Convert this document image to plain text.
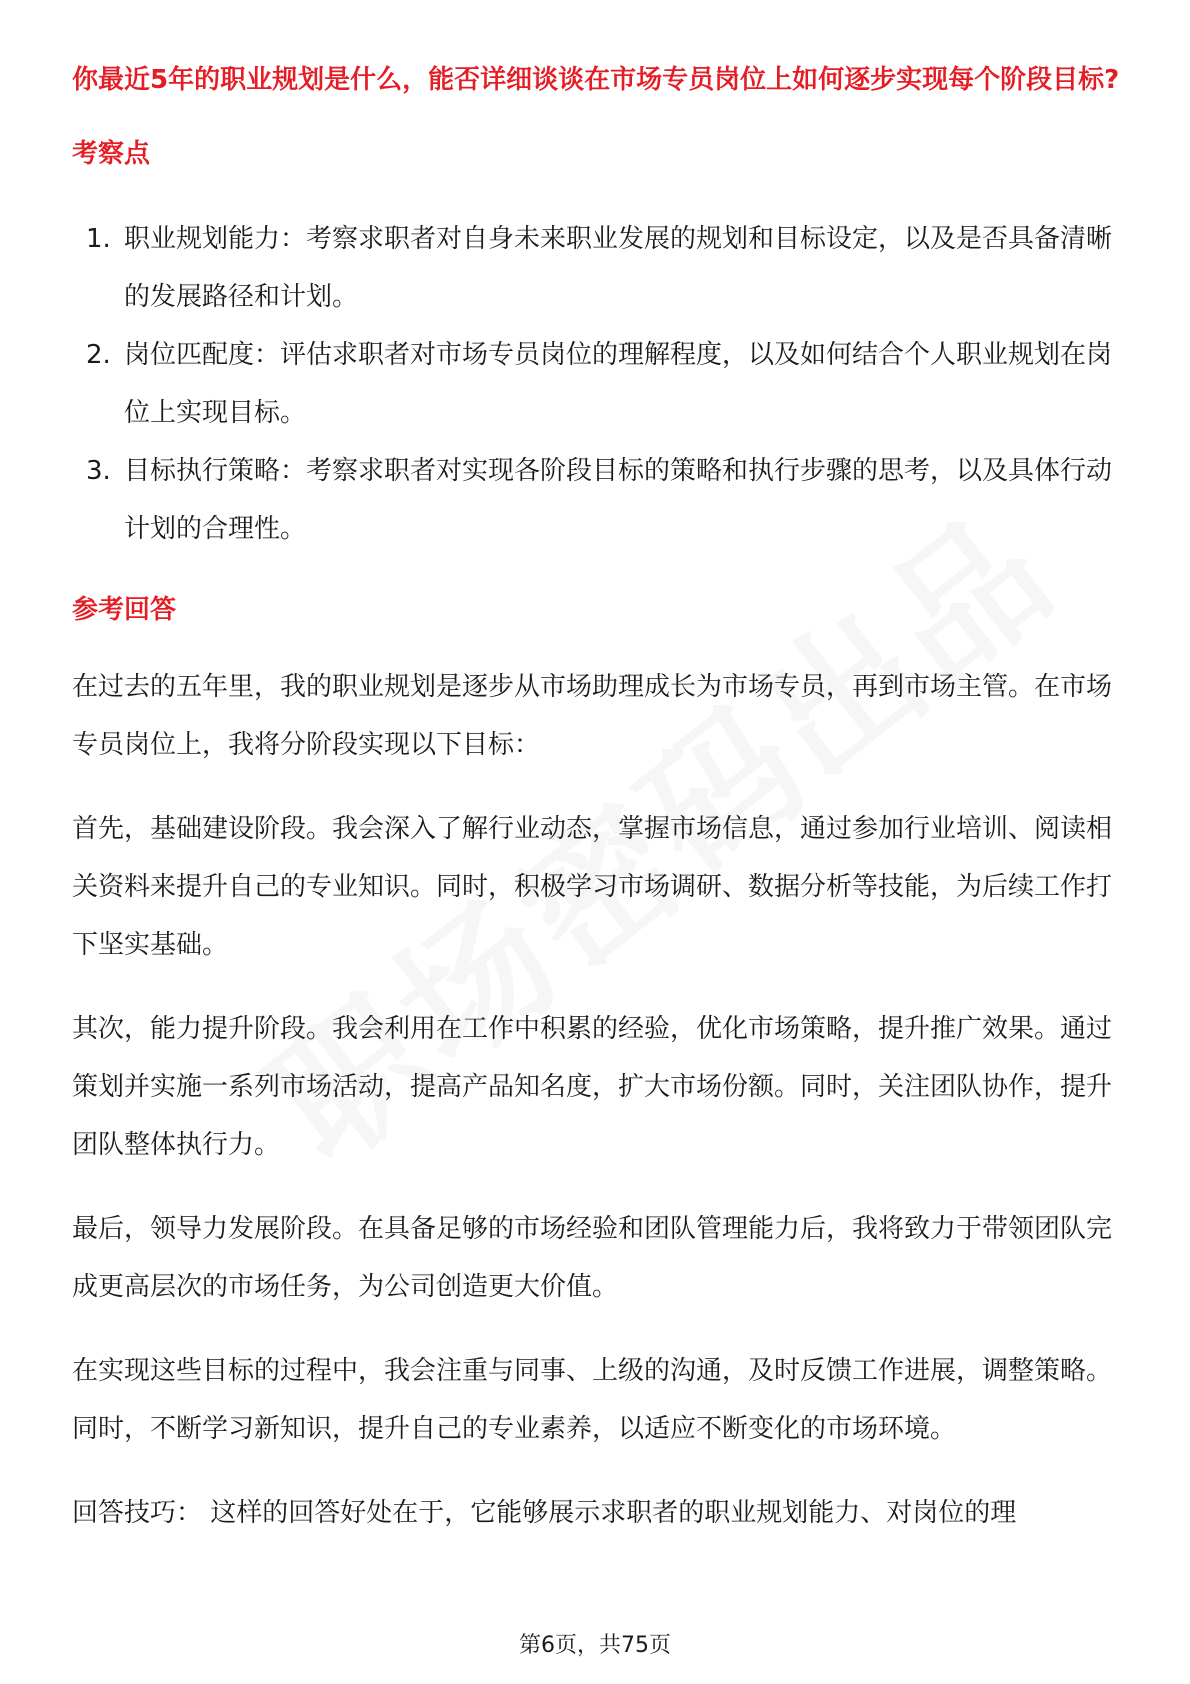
你最近5年的职业规划是什么，能否详细谈谈在市场专员岗位上如何逐步实现每个阶段目标?
考察点
1. 职业规划能力：考察求职者对自身未来职业发展的规划和目标设定，以及是否具备清晰的发展路径和计划。
2. 岗位匹配度：评估求职者对市场专员岗位的理解程度，以及如何结合个人职业规划在岗位上实现目标。
3. 目标执行策略：考察求职者对实现各阶段目标的策略和执行步骤的思考，以及具体行动计划的合理性。
参考回答

在过去的五年里，我的职业规划是逐步从市场助理成长为市场专员，再到市场主管。在市场专员岗位上，我将分阶段实现以下目标：

首先，基础建设阶段。我会深入了解行业动态，掌握市场信息，通过参加行业培训、阅读相关资料来提升自己的专业知识。同时，积极学习市场调研、数据分析等技能，为后续工作打下坚实基础。

其次，能力提升阶段。我会利用在工作中积累的经验，优化市场策略，提升推广效果。通过策划并实施一系列市场活动，提高产品知名度，扩大市场份额。同时，关注团队协作，提升团队整体执行力。

最后，领导力发展阶段。在具备足够的市场经验和团队管理能力后，我将致力于带领团队完成更高层次的市场任务，为公司创造更大价值。

在实现这些目标的过程中，我会注重与同事、上级的沟通，及时反馈工作进展，调整策略。同时，不断学习新知识，提升自己的专业素养，以适应不断变化的市场环境。

回答技巧： 这样的回答好处在于，它能够展示求职者的职业规划能力、对岗位的理

第6页，共75页
